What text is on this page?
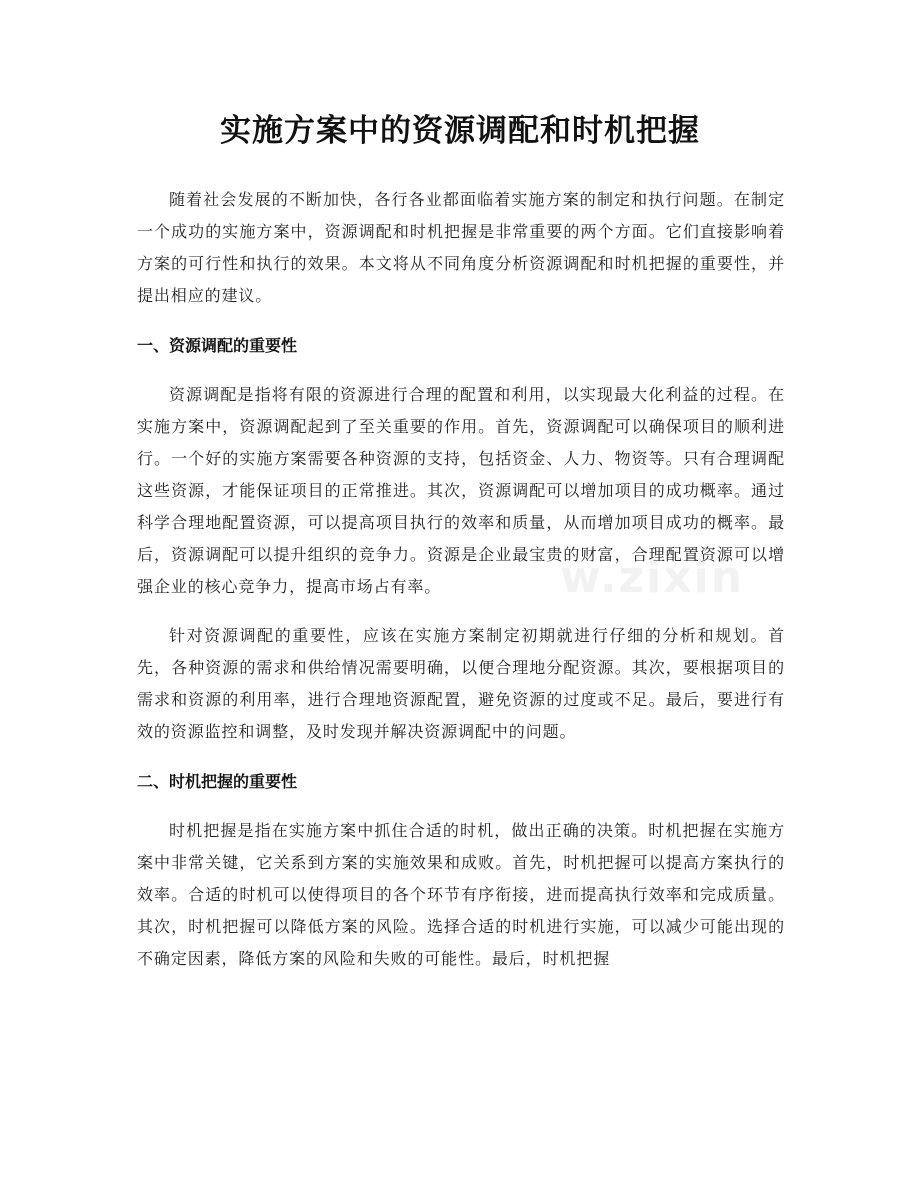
实施方案中的资源调配和时机把握
w.zixin

随着社会发展的不断加快，各行各业都面临着实施方案的制定和执行问题。在制定一个成功的实施方案中，资源调配和时机把握是非常重要的两个方面。它们直接影响着方案的可行性和执行的效果。本文将从不同角度分析资源调配和时机把握的重要性，并提出相应的建议。

一、资源调配的重要性

资源调配是指将有限的资源进行合理的配置和利用，以实现最大化利益的过程。在实施方案中，资源调配起到了至关重要的作用。首先，资源调配可以确保项目的顺利进行。一个好的实施方案需要各种资源的支持，包括资金、人力、物资等。只有合理调配这些资源，才能保证项目的正常推进。其次，资源调配可以增加项目的成功概率。通过科学合理地配置资源，可以提高项目执行的效率和质量，从而增加项目成功的概率。最后，资源调配可以提升组织的竞争力。资源是企业最宝贵的财富，合理配置资源可以增强企业的核心竞争力，提高市场占有率。

针对资源调配的重要性，应该在实施方案制定初期就进行仔细的分析和规划。首先，各种资源的需求和供给情况需要明确，以便合理地分配资源。其次，要根据项目的需求和资源的利用率，进行合理地资源配置，避免资源的过度或不足。最后，要进行有效的资源监控和调整，及时发现并解决资源调配中的问题。

二、时机把握的重要性

时机把握是指在实施方案中抓住合适的时机，做出正确的决策。时机把握在实施方案中非常关键，它关系到方案的实施效果和成败。首先，时机把握可以提高方案执行的效率。合适的时机可以使得项目的各个环节有序衔接，进而提高执行效率和完成质量。其次，时机把握可以降低方案的风险。选择合适的时机进行实施，可以减少可能出现的不确定因素，降低方案的风险和失败的可能性。最后，时机把握
